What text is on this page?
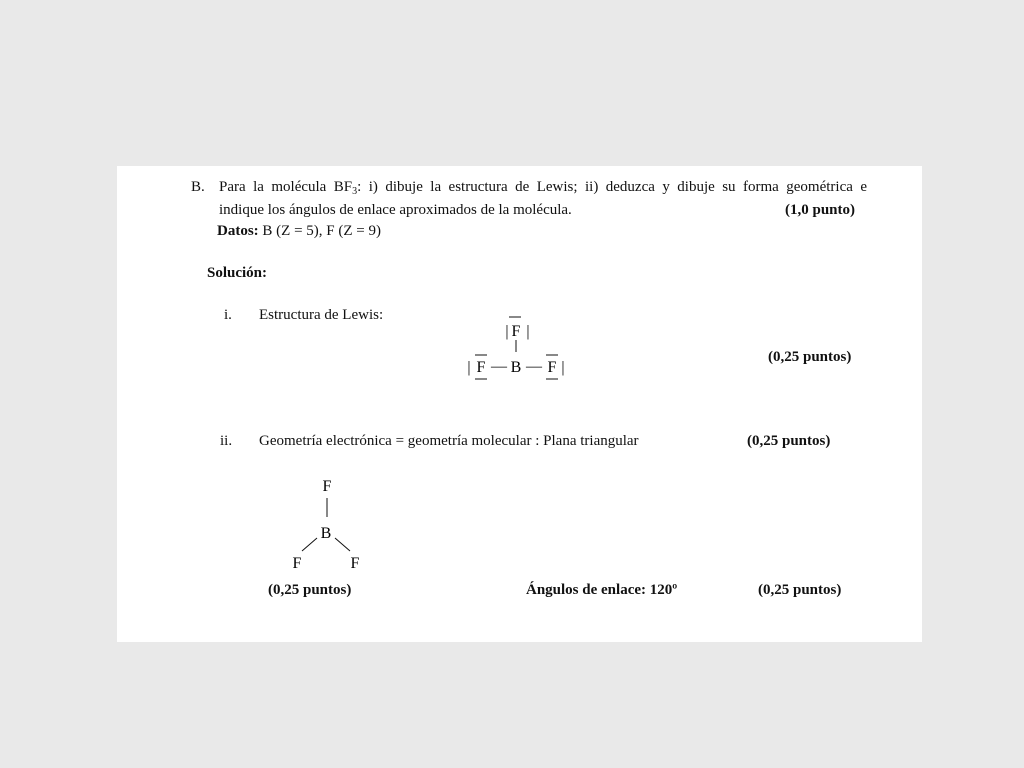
B. Para la molécula $BF_3$: i) dibuje la estructura de Lewis; ii) deduzca y dibuje su forma geométrica e
indique los ángulos de enlace aproximados de la molécula.	(1,0 punto)
Datos: B (Z = 5), F (Z = 9)
Solución:
i. Estructura de Lewis:
(0,25 puntos)
| F |
| F — B — F |
ii. Geometría electrónica = geometría molecular : Plana triangular	(0,25 puntos)
F
B
F	F
(0,25 puntos)	Ángulos de enlace: 120º	(0,25 puntos)
